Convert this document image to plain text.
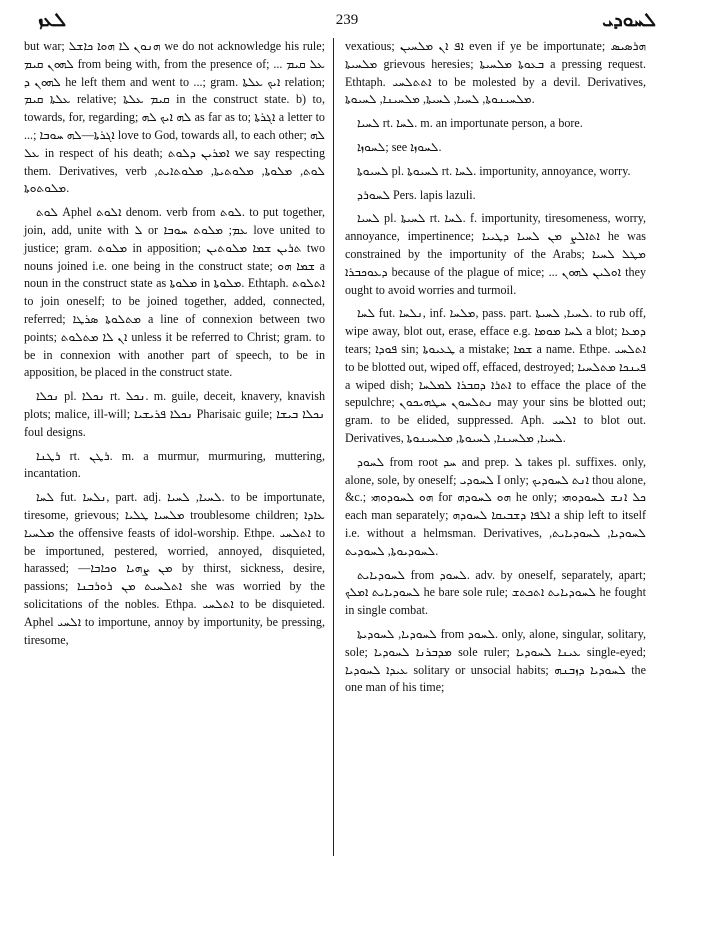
ܠܥܙ	239	ܠܚܘܕܝ

but war; ܗܢܘܢ ܠܐ ܗܘܐ ܟܐܫܠ we do not acknowledge his rule; ܠܗܘܢ ܩܝܡ from being with, from the presence of; ... ܥܠ ܩܝܡ ܠܗܘܢ ܕ he left them and went to ...; gram. ܐܝܟ ܥܠܬܐ relation; ܥܠܬܐ ܩܝܡ relative; ܩܝܡ ܥܠܬܐ in the construct state. b) to, towards, for, regarding; ܠܗ ܐܝܟ ܠܗ as far as to; ܐܓܪܬܐ a letter to ...; ܐܓܪܬܐ—ܠܗ ܚܘܒܐ love to God, towards all, to each other; ܠܗ ܥܠ in respect of his death; ܐܡܪܝܢ ܕܠܘܬ we say respecting them. Derivatives, verb ܠܘܬ, ܡܠܘܬܐ, ܡܠܘܬܝܬܐ, ܡܠܘܬܐܝܬ, ܡܠܘܬܘܬܐ.

ܠܘܬ Aphel ܐܠܘܬ denom. verb from ܠܘܬ. to put together, join, add, unite with ܠ or ܥܡ; ܡܠܘܬ ܚܘܒܐ love united to justice; gram. ܡܠܘܬ in apposition; ܬܪܝܢ ܫܡܐ ܡܠܘܬܝܢ two nouns joined i.e. one being in the construct state; ܫܡܐ ܗܘ a noun in the construct state as ܡܠܘܬܐ in ܡܠܘܬܐ. Ethtaph. ܐܬܠܘܬ to join oneself; to be joined together, added, connected, referred; ܡܬܠܘܬܐ ܣܪܛܐ a line of connexion between two points; ܐܢ ܠܐ ܡܬܠܘܬ unless it be referred to Christ; gram. to be in connexion with another part of speech, to be in apposition, be placed in the construct state.

ܢܟܠܐ pl. ܢܟܠܐ rt. ܢܟܠ. m. guile, deceit, knavery, knavish plots; malice, ill-will; ܢܟܠܐ ܦܪܝܫܝܐ Pharisaic guile; ܢܟܠܐ ܒܝܫܐ foul designs.

ܪܛܢܐ rt. ܪܛܢ. m. a murmur, murmuring, muttering, incantation.

ܠܚܐ fut. ܢܠܚܐ, part. adj. ܠܚܝܐ, ܠܚܝܐ. to be importunate, tiresome, grievous; ܡܠܚܝܐ ܛܠܝܐ troublesome children; ܥܐܕܐ ܡܠܚܝܐ the offensive feasts of idol-worship. Ethpe. ܐܬܠܚܝ to be importuned, pestered, worried, annoyed, disquieted, harassed; —ܡܢ ܨܗܝܐ ܘܟܐܒܐ by thirst, sickness, desire, passions; ܐܬܠܚܝܬ ܡܢ ܪܘܪܒܢܐ she was worried by the solicitations of the nobles. Ethpa. ܐܬܠܚܝ to be disquieted. Aphel ܐܠܚܝ to importune, annoy by importunity, be pressing, tiresome,

vexatious; ܐܦ ܐܢ ܡܠܚܝܢ even if ye be importunate; ܗܪܣܝܣ ܡܠܚܝܬܐ grievous heresies; ܒܥܘܬܐ ܡܠܚܝܬܐ a pressing request. Ethtaph. ܐܬܬܠܚܝ to be molested by a devil. Derivatives, ܡܠܚܝܢܘܬܐ, ܠܚܝܐ, ܠܚܝܬܐ, ܡܠܚܝܢܐ, ܠܚܝܘܬܐ.

ܠܚܝܐ rt. ܠܚܐ. m. an importunate person, a bore.

ܠܚܘܙܐ; see ܠܚܘܙܐ.

ܠܚܝܘܬܐ pl. ܠܚܝܘܬܐ rt. ܠܚܐ. importunity, annoyance, worry.

ܠܚܘܪܕ Pers. lapis lazuli.

ܠܚܝܐ pl. ܠܚܝܬܐ rt. ܠܚܐ. f. importunity, tiresomeness, worry, annoyance, impertinence; ܐܬܐܠܨ ܡܢ ܠܚܝܐ ܕܛܝܝܐ he was constrained by the importunity of the Arabs; ܡܛܠ ܠܚܝܐ ܕܥܘܟܒܪܐ because of the plague of mice; ... ܐܘܠܝܢ ܠܗܘܢ they ought to avoid worries and turmoil.

ܠܚܐ fut. ܢܠܚܐ, inf. ܡܠܚܐ, pass. part. ܠܚܝܐ, ܠܚܝܬܐ. to rub off, wipe away, blot out, erase, efface e.g. ܠܚܐ ܡܘܡܐ a blot; ܕܡܥܐ tears; ܦܘܕܐ sin; ܛܥܝܘܬܐ a mistake; ܫܡܐ a name. Ethpe. ܐܬܠܚܝ to be blotted out, wiped off, effaced, destroyed; ܦܝܢܟܐ ܡܬܠܚܝܐ a wiped dish; ܐܬܪܐ ܕܩܒܪܐ ܠܡܠܚܐ to efface the place of the sepulchre; ܢܬܠܚܘܢ ܚܛܗܝܟܘܢ may your sins be blotted out; gram. to be elided, suppressed. Aph. ܐܠܚܝ to blot out. Derivatives, ܠܚܝܐ, ܡܠܚܝܢܐ, ܠܚܝܘܬܐ, ܡܠܚܝܢܘܬܐ.

ܠܚܘܕ from root ܚܕ and prep. ܠ takes pl. suffixes. only, alone, sole, by oneself; ܠܚܘܕܝ I only; ܐܢܬ ܠܚܘܕܝܟ thou alone, &c.; ܗܘ ܠܚܘܕܘܗܝ for ܗܘ ܠܚܘܕܗ he only; ܟܠ ܐܢܫ ܠܚܘܕܘܗܝ each man separately; ܐܠܦܐ ܕܫܒܝܩܐ ܠܚܘܕܗ a ship left to itself i.e. without a helmsman. Derivatives, ܠܚܘܕܝܐ, ܠܚܘܕܝܐܝܬ, ܠܚܘܕܝܘܬܐ, ܠܚܘܕܝܬ.

ܠܚܘܕܝܐܝܬ from ܠܚܘܕ. adv. by oneself, separately, apart; ܠܚܘܕܝܐܝܬ ܐܡܠܟ he bare sole rule; ܠܚܘܕܝܐܝܬ ܐܬܟܬܫ he fought in single combat.

ܠܚܘܕܝܐ, ܠܚܘܕܝܬܐ from ܠܚܘܕ. only, alone, singular, solitary, sole; ܡܕܒܪܢܐ ܠܚܘܕܝܐ sole ruler; ܥܝܢܐ ܠܚܘܕܝܐ single-eyed; ܥܝܕܐ ܠܚܘܕܝܐ solitary or unsocial habits; ܠܚܘܕܝܐ ܕܙܒܢܗ the one man of his time;
